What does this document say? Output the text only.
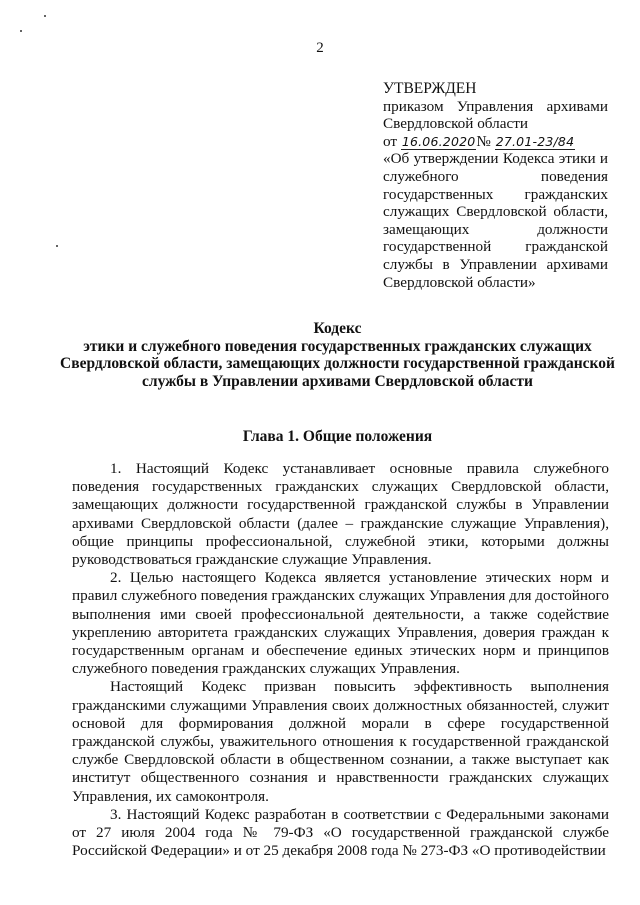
2
УТВЕРЖДЕН
приказом Управления архивами Свердловской области
от 16.06.2020№ 27.01-23/84
«Об утверждении Кодекса этики и служебного поведения государственных гражданских служащих Свердловской области, замещающих должности государственной гражданской службы в Управлении архивами Свердловской области»
Кодекс
этики и служебного поведения государственных гражданских служащих Свердловской области, замещающих должности государственной гражданской службы в Управлении архивами Свердловской области
Глава 1. Общие положения

1. Настоящий Кодекс устанавливает основные правила служебного поведения государственных гражданских служащих Свердловской области, замещающих должности государственной гражданской службы в Управлении архивами Свердловской области (далее – гражданские служащие Управления), общие принципы профессиональной, служебной этики, которыми должны руководствоваться гражданские служащие Управления.

2. Целью настоящего Кодекса является установление этических норм и правил служебного поведения гражданских служащих Управления для достойного выполнения ими своей профессиональной деятельности, а также содействие укреплению авторитета гражданских служащих Управления, доверия граждан к государственным органам и обеспечение единых этических норм и принципов служебного поведения гражданских служащих Управления.

Настоящий Кодекс призван повысить эффективность выполнения гражданскими служащими Управления своих должностных обязанностей, служит основой для формирования должной морали в сфере государственной гражданской службы, уважительного отношения к государственной гражданской службе Свердловской области в общественном сознании, а также выступает как институт общественного сознания и нравственности гражданских служащих Управления, их самоконтроля.

3. Настоящий Кодекс разработан в соответствии с Федеральными законами от 27 июля 2004 года № 79-ФЗ «О государственной гражданской службе Российской Федерации» и от 25 декабря 2008 года № 273-ФЗ «О противодействии
